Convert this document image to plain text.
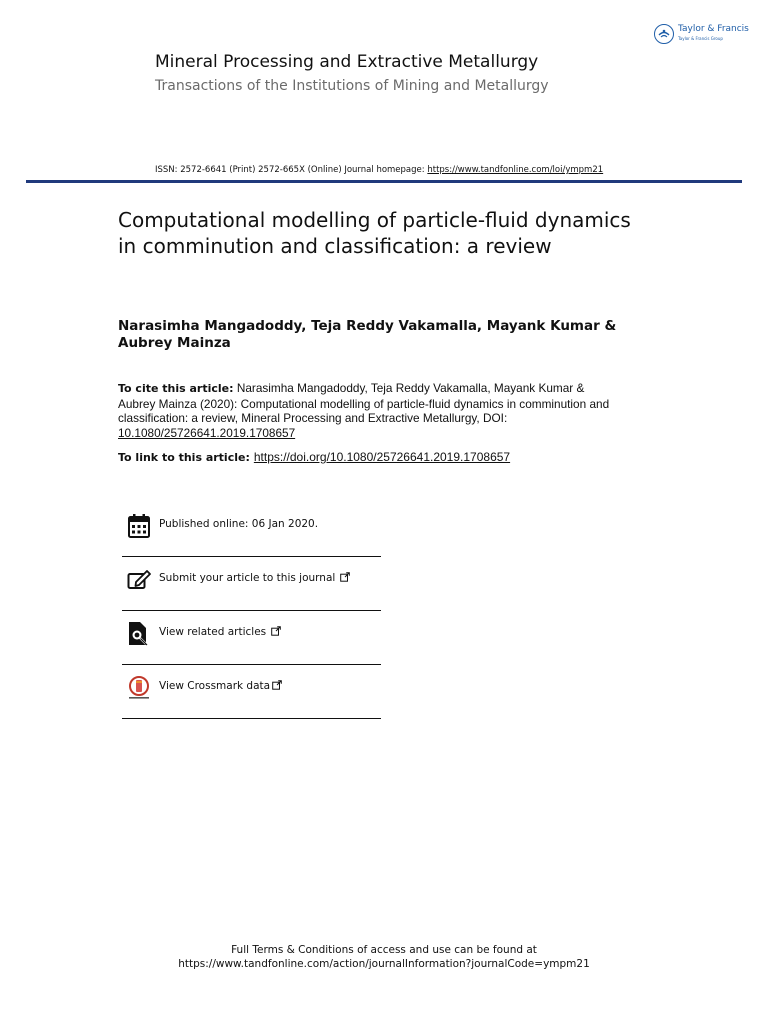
Taylor & Francis
Taylor & Francis Group
Mineral Processing and Extractive Metallurgy
Transactions of the Institutions of Mining and Metallurgy
ISSN: 2572-6641 (Print) 2572-665X (Online) Journal homepage: https://www.tandfonline.com/loi/ympm21
Computational modelling of particle-fluid dynamics in comminution and classification: a review
Narasimha Mangadoddy, Teja Reddy Vakamalla, Mayank Kumar & Aubrey Mainza
To cite this article: Narasimha Mangadoddy, Teja Reddy Vakamalla, Mayank Kumar & Aubrey Mainza (2020): Computational modelling of particle-fluid dynamics in comminution and classification: a review, Mineral Processing and Extractive Metallurgy, DOI: 10.1080/25726641.2019.1708657
To link to this article: https://doi.org/10.1080/25726641.2019.1708657
Published online: 06 Jan 2020.
Submit your article to this journal
View related articles
View Crossmark data
Full Terms & Conditions of access and use can be found at
https://www.tandfonline.com/action/journalInformation?journalCode=ympm21
